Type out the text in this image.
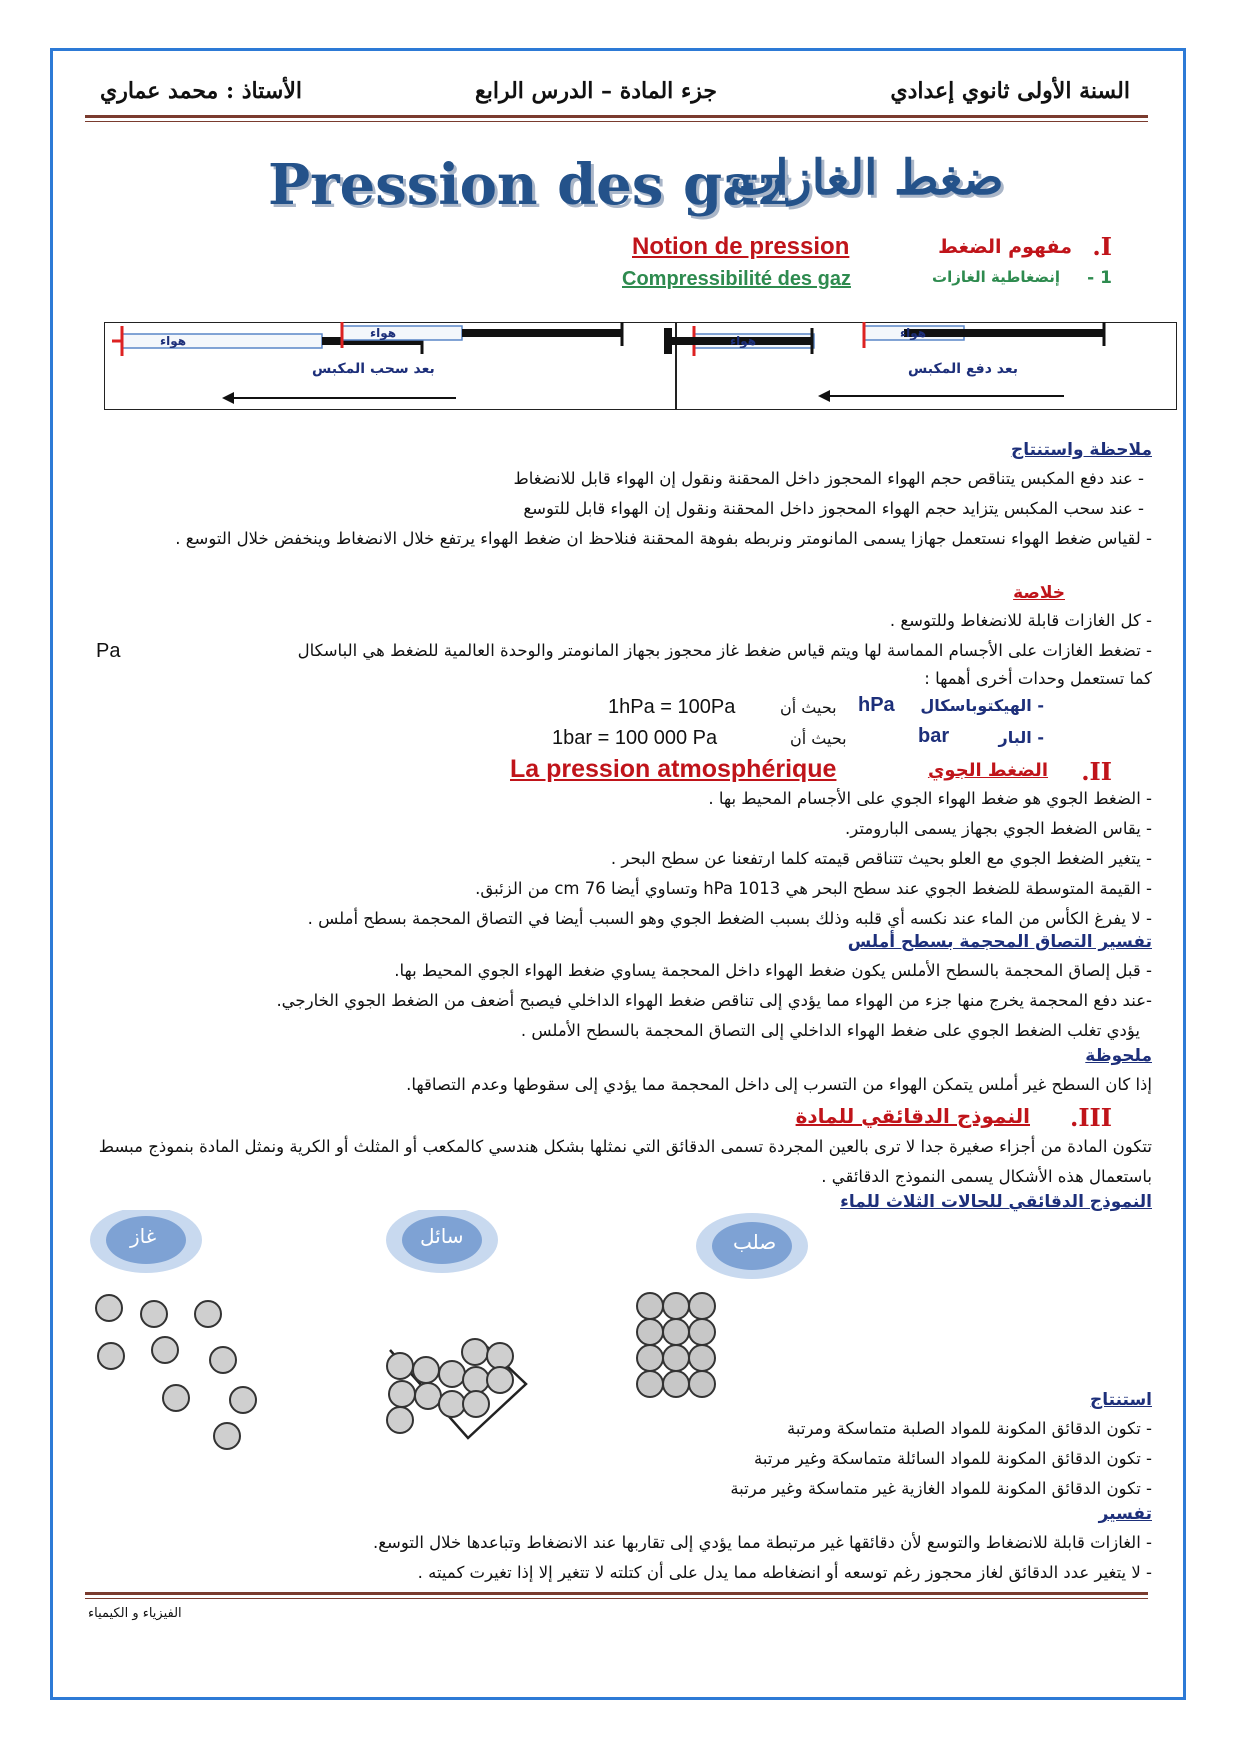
السنة الأولى ثانوي إعدادي
جزء المادة – الدرس الرابع
الأستاذ : محمد عماري
Pression des gaz
ضغط الغازات
I.
مفهوم الضغط
Notion de pression
1 -
إنضغاطية الغازات
Compressibilité des gaz
هواء
هواء
هواء
هواء
بعد سحب المكبس	بعد دفع المكبس
ملاحظة واستنتاج
- عند دفع المكبس يتناقص حجم الهواء المحجوز داخل المحقنة ونقول إن الهواء قابل للانضغاط
- عند سحب المكبس يتزايد حجم الهواء المحجوز داخل المحقنة ونقول إن الهواء قابل للتوسع
- لقياس ضغط الهواء نستعمل جهازا يسمى المانومتر ونربطه بفوهة المحقنة فنلاحظ ان ضغط الهواء يرتفع خلال الانضغاط وينخفض خلال التوسع .
خلاصة
- كل الغازات قابلة للانضغاط وللتوسع .
- تضغط الغازات على الأجسام المماسة لها ويتم قياس ضغط غاز محجوز بجهاز المانومتر والوحدة العالمية للضغط هي الباسكال
كما تستعمل وحدات أخرى أهمها :
Pa
- الهيكتوباسكال
hPa
بحيث أن
1hPa = 100Pa
- البار
bar
بحيث أن
1bar = 100 000 Pa
II.
الضغط الجوي
La pression atmosphérique
- الضغط الجوي هو ضغط الهواء الجوي على الأجسام المحيط بها .
- يقاس الضغط الجوي بجهاز يسمى البارومتر.
- يتغير الضغط الجوي مع العلو بحيث تتناقص قيمته كلما ارتفعنا عن سطح البحر .
- القيمة المتوسطة للضغط الجوي عند سطح البحر هي 1013 hPa وتساوي أيضا 76 cm من الزئبق.
- لا يفرغ الكأس من الماء عند نكسه أي قلبه وذلك بسبب الضغط الجوي وهو السبب أيضا في التصاق المحجمة بسطح أملس .
تفسير التصاق المحجمة بسطح أملس
- قبل إلصاق المحجمة بالسطح الأملس يكون ضغط الهواء داخل المحجمة يساوي ضغط الهواء الجوي المحيط بها.
-عند دفع المحجمة يخرج منها جزء من الهواء مما يؤدي إلى تناقص ضغط الهواء الداخلي فيصبح أضعف من الضغط الجوي الخارجي.
يؤدي تغلب الضغط الجوي على ضغط الهواء الداخلي إلى التصاق المحجمة بالسطح الأملس .
ملحوظة
إذا كان السطح غير أملس يتمكن الهواء من التسرب إلى داخل المحجمة مما يؤدي إلى سقوطها وعدم التصاقها.
III.
النموذج الدقائقي للمادة
تتكون المادة من أجزاء صغيرة جدا لا ترى بالعين المجردة تسمى الدقائق التي نمثلها بشكل هندسي كالمكعب أو المثلث أو الكرية ونمثل المادة بنموذج مبسط باستعمال هذه الأشكال يسمى النموذج الدقائقي .
النموذج الدقائقي للحالات الثلاث للماء
غاز	سائل	صلب
استنتاج
- تكون الدقائق المكونة للمواد الصلبة متماسكة ومرتبة
- تكون الدقائق المكونة للمواد السائلة متماسكة وغير مرتبة
- تكون الدقائق المكونة للمواد الغازية غير متماسكة وغير مرتبة
تفسير
- الغازات قابلة للانضغاط والتوسع لأن دقائقها غير مرتبطة مما يؤدي إلى تقاربها عند الانضغاط وتباعدها خلال التوسع.
- لا يتغير عدد الدقائق لغاز محجوز رغم توسعه أو انضغاطه مما يدل على أن كتلته لا تتغير إلا إذا تغيرت كميته .
الفيزياء و الكيمياء
